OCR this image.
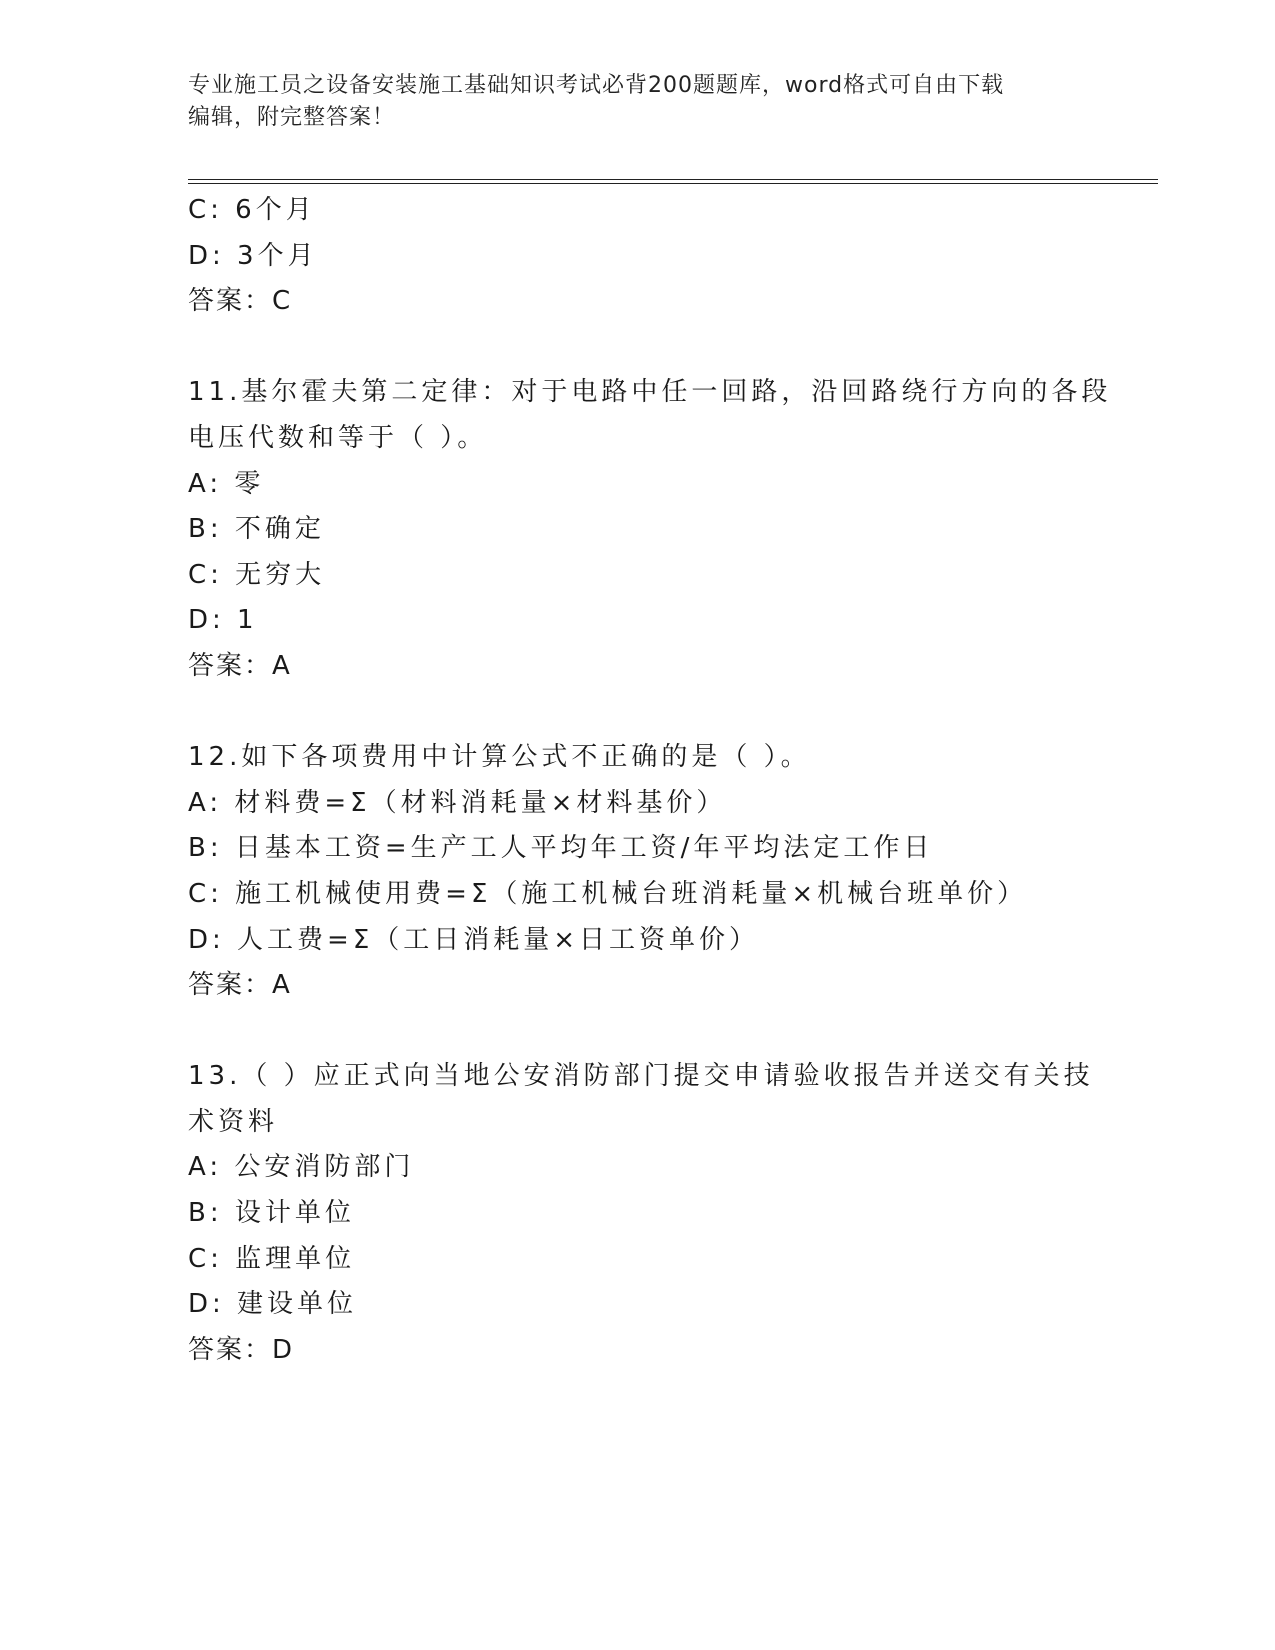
专业施工员之设备安装施工基础知识考试必背200题题库，word格式可自由下载
编辑，附完整答案！
C: 6个月
D: 3个月
答案：C
11.基尔霍夫第二定律：对于电路中任一回路，沿回路绕行方向的各段
电压代数和等于（ ）。
A: 零
B: 不确定
C: 无穷大
D: 1
答案：A
12.如下各项费用中计算公式不正确的是（ ）。
A: 材料费=Σ（材料消耗量×材料基价）
B: 日基本工资=生产工人平均年工资/年平均法定工作日
C: 施工机械使用费=Σ（施工机械台班消耗量×机械台班单价）
D: 人工费=Σ（工日消耗量×日工资单价）
答案：A
13.（ ）应正式向当地公安消防部门提交申请验收报告并送交有关技
术资料
A: 公安消防部门
B: 设计单位
C: 监理单位
D: 建设单位
答案：D
